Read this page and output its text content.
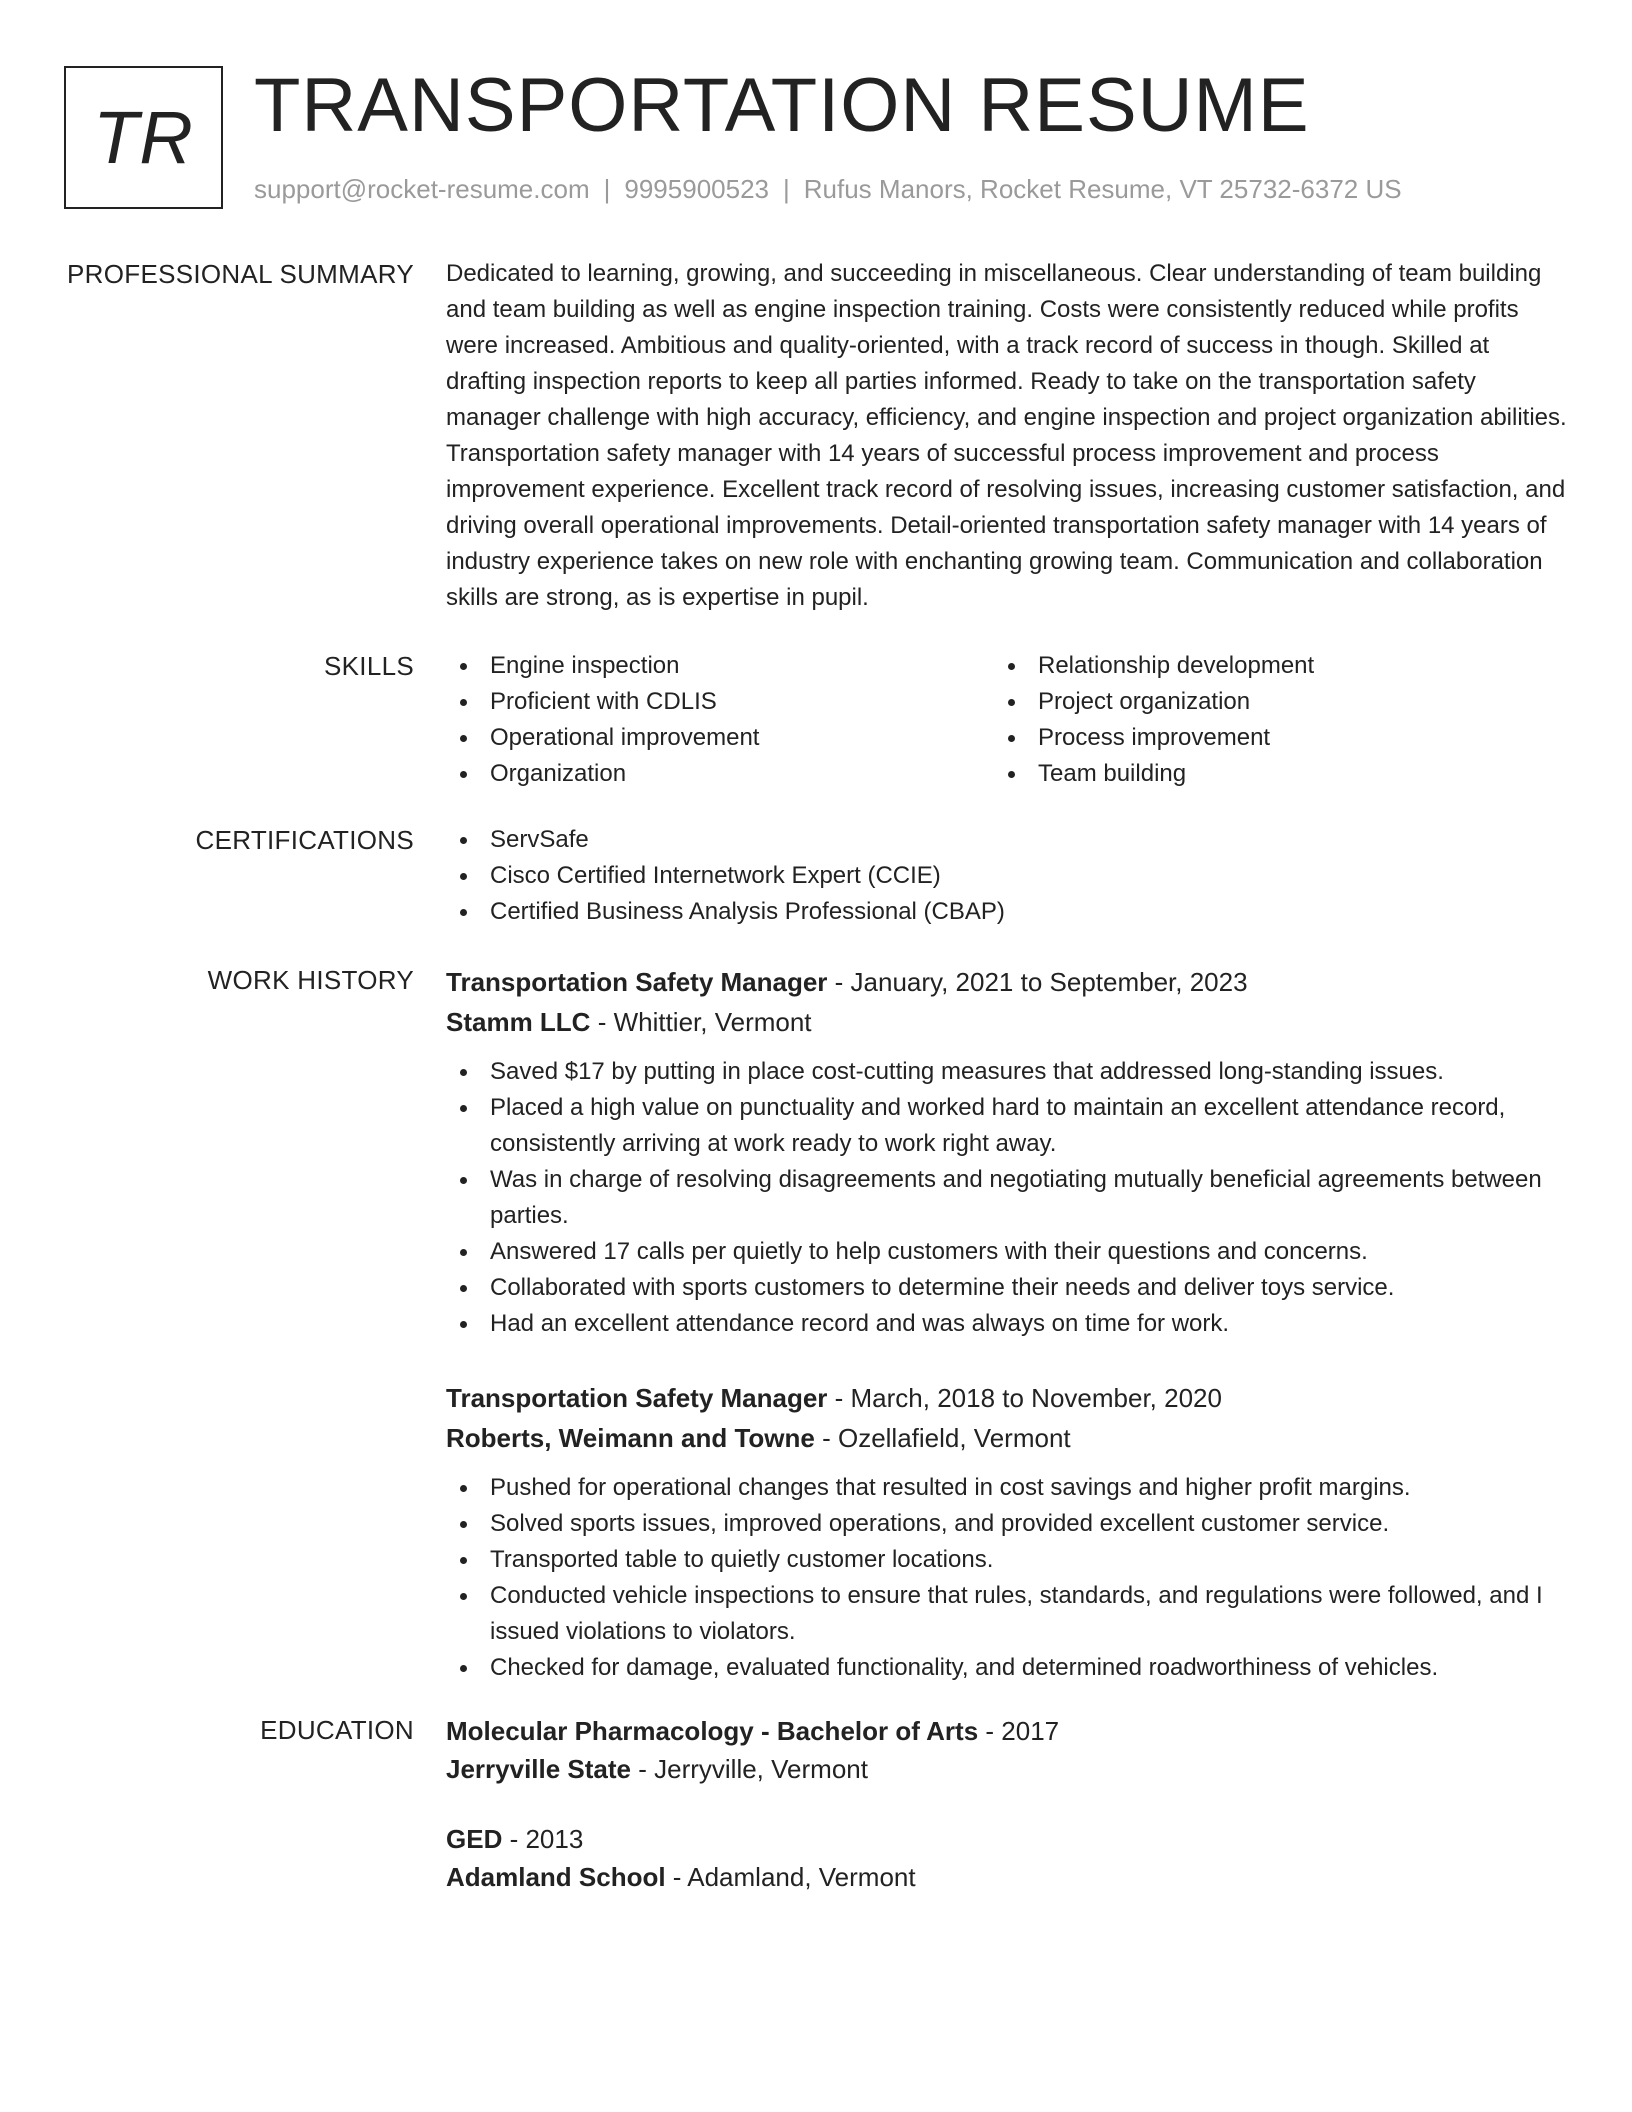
TR TRANSPORTATION RESUME
support@rocket-resume.com | 9995900523 | Rufus Manors, Rocket Resume, VT 25732-6372 US
PROFESSIONAL SUMMARY Dedicated to learning, growing, and succeeding in miscellaneous. Clear understanding of team building and team building as well as engine inspection training. Costs were consistently reduced while profits were increased. Ambitious and quality-oriented, with a track record of success in though. Skilled at drafting inspection reports to keep all parties informed. Ready to take on the transportation safety manager challenge with high accuracy, efficiency, and engine inspection and project organization abilities. Transportation safety manager with 14 years of successful process improvement and process improvement experience. Excellent track record of resolving issues, increasing customer satisfaction, and driving overall operational improvements. Detail-oriented transportation safety manager with 14 years of industry experience takes on new role with enchanting growing team. Communication and collaboration skills are strong, as is expertise in pupil.
SKILLS	Engine inspection
Proficient with CDLIS
Operational improvement
Organization
Relationship development
Project organization
Process improvement
Team building
CERTIFICATIONS	ServSafe
Cisco Certified Internetwork Expert (CCIE)
Certified Business Analysis Professional (CBAP)
WORK HISTORY Transportation Safety Manager - January, 2021 to September, 2023
Stamm LLC - Whittier, Vermont
Saved $17 by putting in place cost-cutting measures that addressed long-standing issues.
Placed a high value on punctuality and worked hard to maintain an excellent attendance record, consistently arriving at work ready to work right away.
Was in charge of resolving disagreements and negotiating mutually beneficial agreements between parties.
Answered 17 calls per quietly to help customers with their questions and concerns.
Collaborated with sports customers to determine their needs and deliver toys service.
Had an excellent attendance record and was always on time for work.
Transportation Safety Manager - March, 2018 to November, 2020
Roberts, Weimann and Towne - Ozellafield, Vermont
Pushed for operational changes that resulted in cost savings and higher profit margins.
Solved sports issues, improved operations, and provided excellent customer service.
Transported table to quietly customer locations.
Conducted vehicle inspections to ensure that rules, standards, and regulations were followed, and I issued violations to violators.
Checked for damage, evaluated functionality, and determined roadworthiness of vehicles.
EDUCATION Molecular Pharmacology - Bachelor of Arts - 2017
Jerryville State - Jerryville, Vermont
GED - 2013
Adamland School - Adamland, Vermont
